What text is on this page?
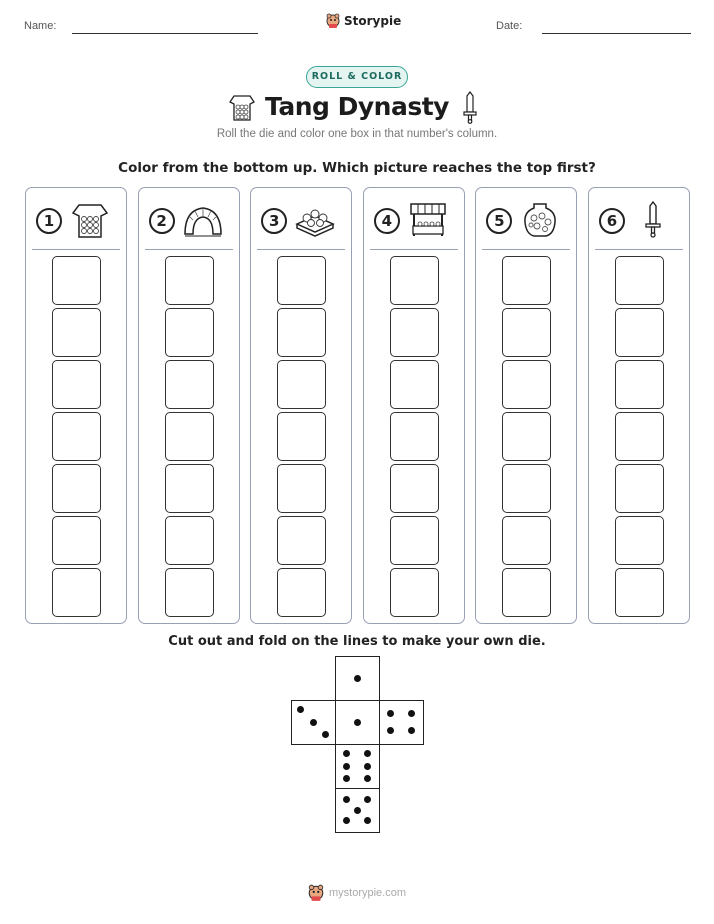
Name:	Storypie	Date:
ROLL & COLOR
Tang Dynasty
Roll the die and color one box in that number's column.
Color from the bottom up. Which picture reaches the top first?
1	2	3	4	5	6
Cut out and fold on the lines to make your own die.
mystorypie.com
